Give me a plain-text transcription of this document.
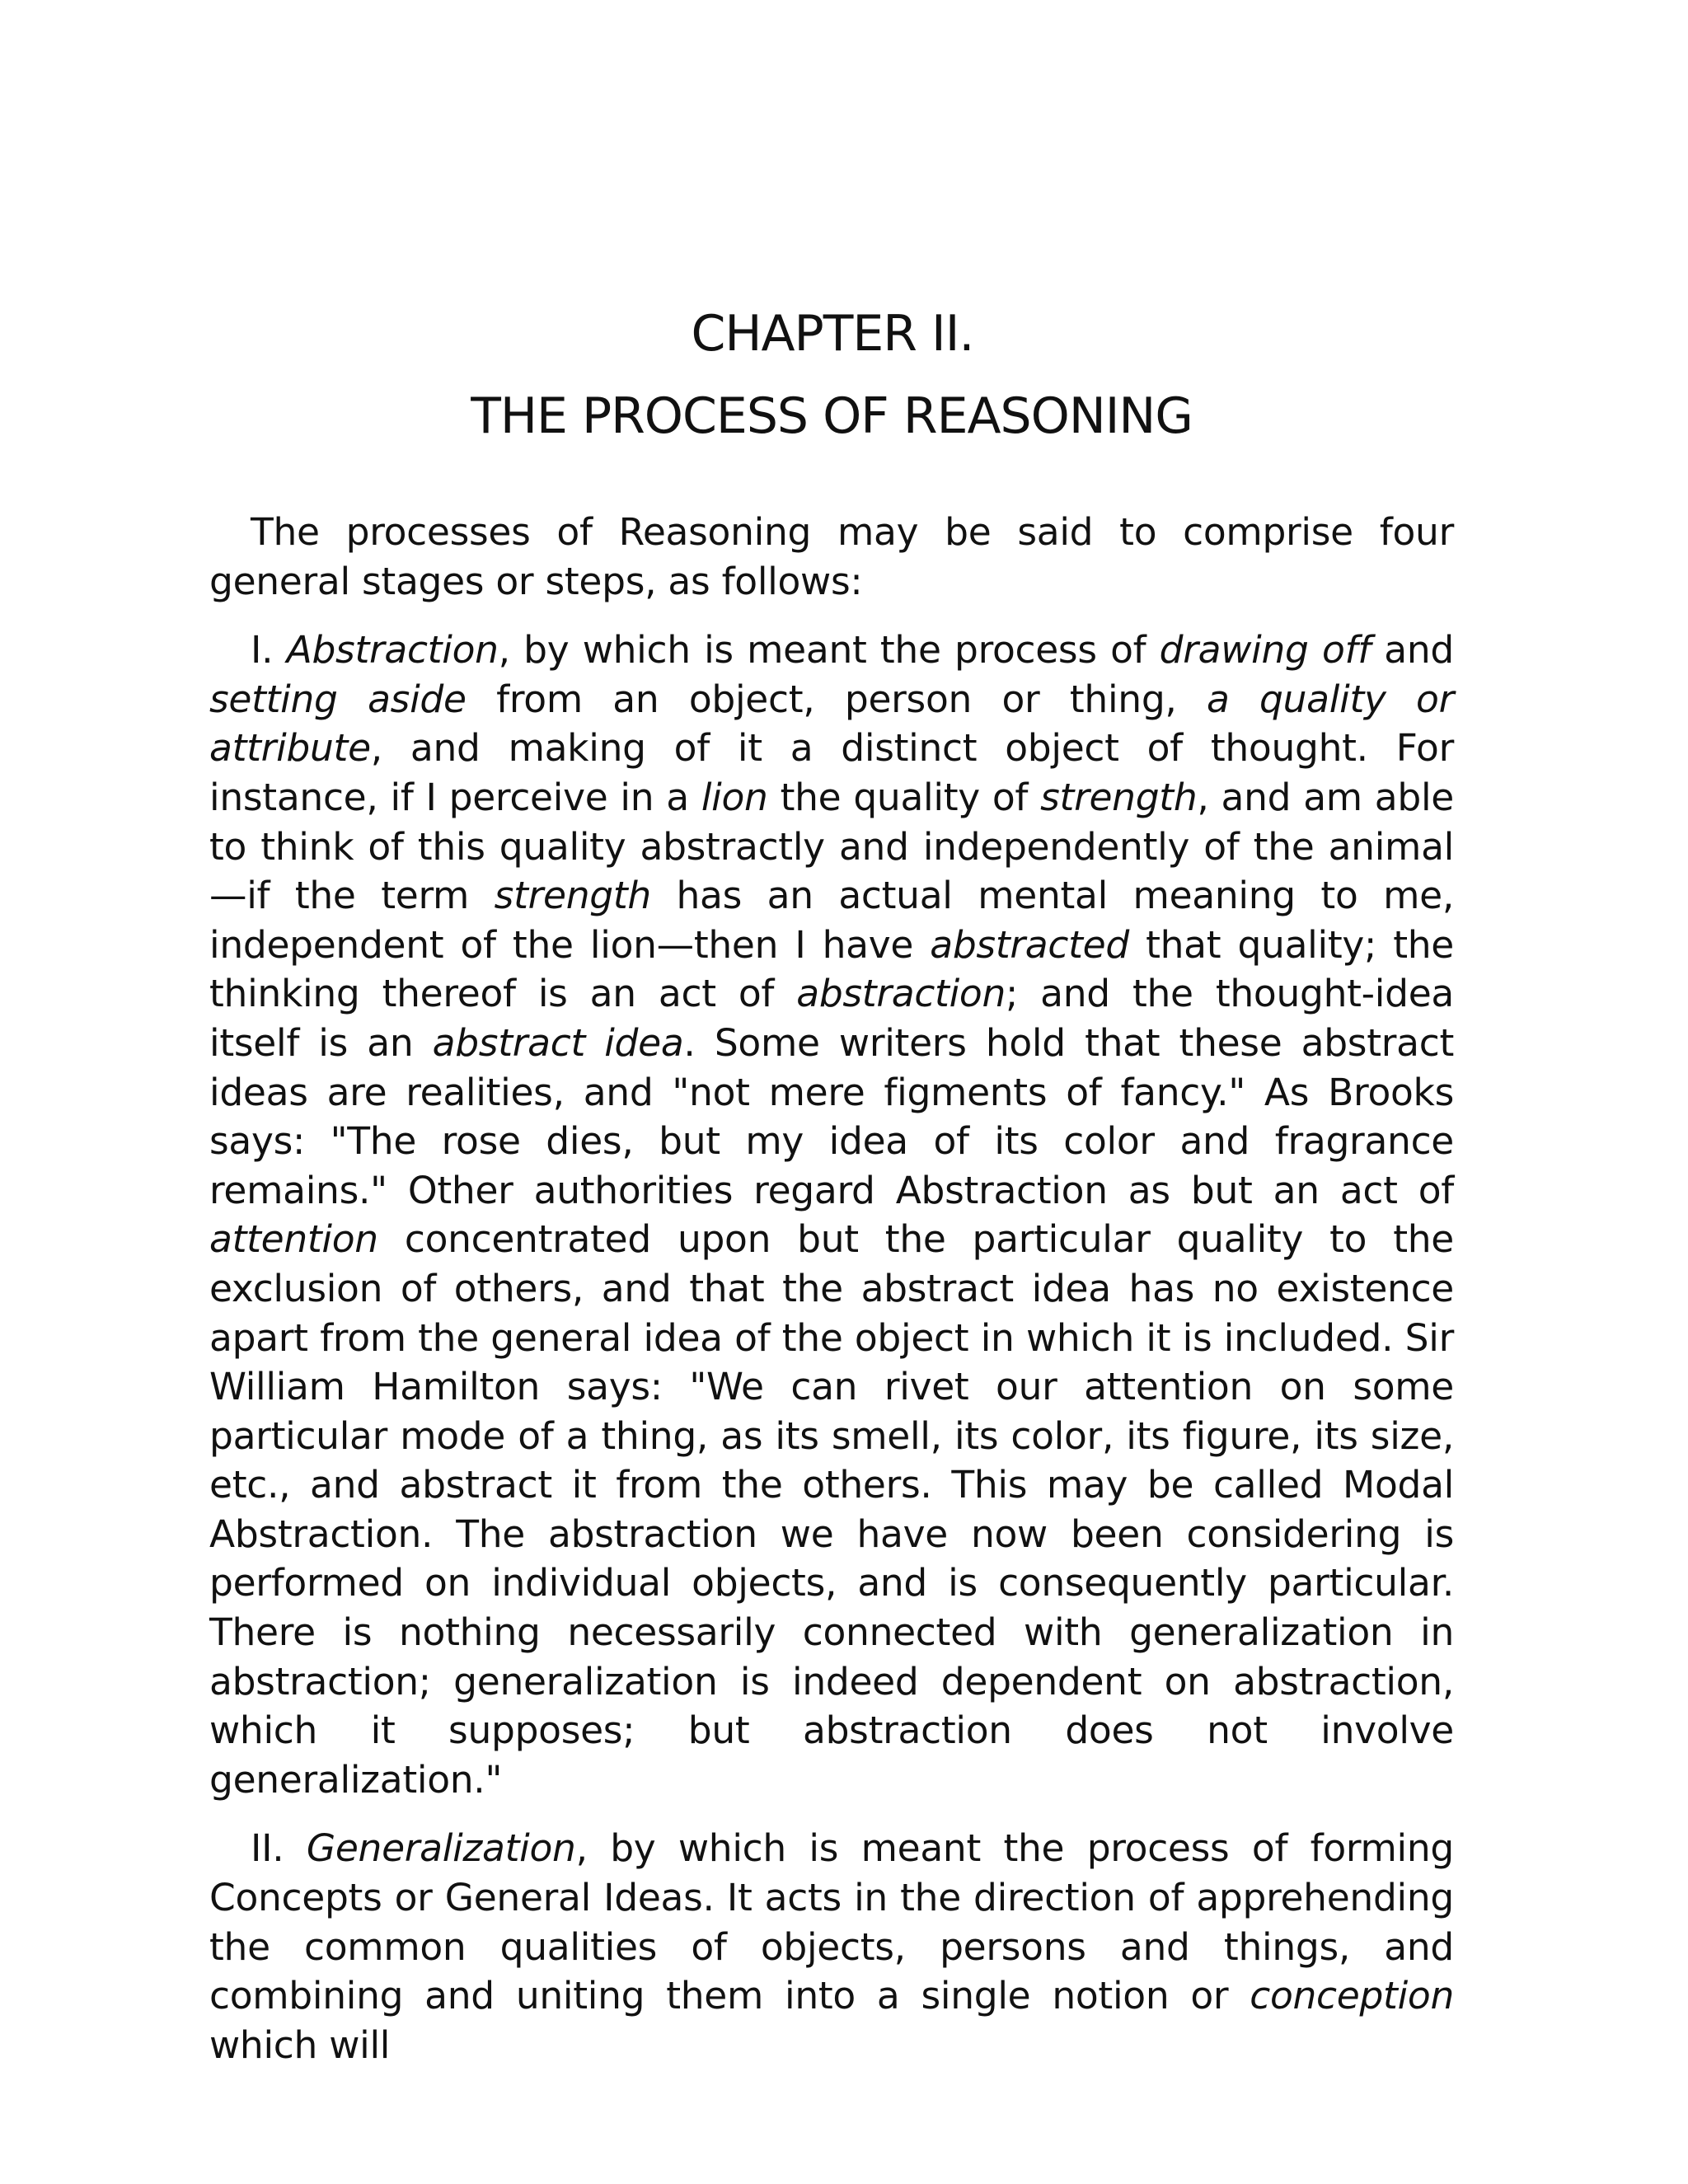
CHAPTER II.
THE PROCESS OF REASONING

The processes of Reasoning may be said to comprise four general stages or steps, as follows:

I. Abstraction, by which is meant the process of drawing off and setting aside from an object, person or thing, a quality or attribute, and making of it a distinct object of thought. For instance, if I perceive in a lion the quality of strength, and am able to think of this quality abstractly and independently of the animal—if the term strength has an actual mental meaning to me, independent of the lion—then I have abstracted that quality; the thinking thereof is an act of abstraction; and the thought-idea itself is an abstract idea. Some writers hold that these abstract ideas are realities, and "not mere figments of fancy." As Brooks says: "The rose dies, but my idea of its color and fragrance remains." Other authorities regard Abstraction as but an act of attention concentrated upon but the particular quality to the exclusion of others, and that the abstract idea has no existence apart from the general idea of the object in which it is included. Sir William Hamilton says: "We can rivet our attention on some particular mode of a thing, as its smell, its color, its figure, its size, etc., and abstract it from the others. This may be called Modal Abstraction. The abstraction we have now been considering is performed on individual objects, and is consequently particular. There is nothing necessarily connected with generalization in abstraction; generalization is indeed dependent on abstraction, which it supposes; but abstraction does not involve generalization."

II. Generalization, by which is meant the process of forming Concepts or General Ideas. It acts in the direction of apprehending the common qualities of objects, persons and things, and combining and uniting them into a single notion or conception which will
